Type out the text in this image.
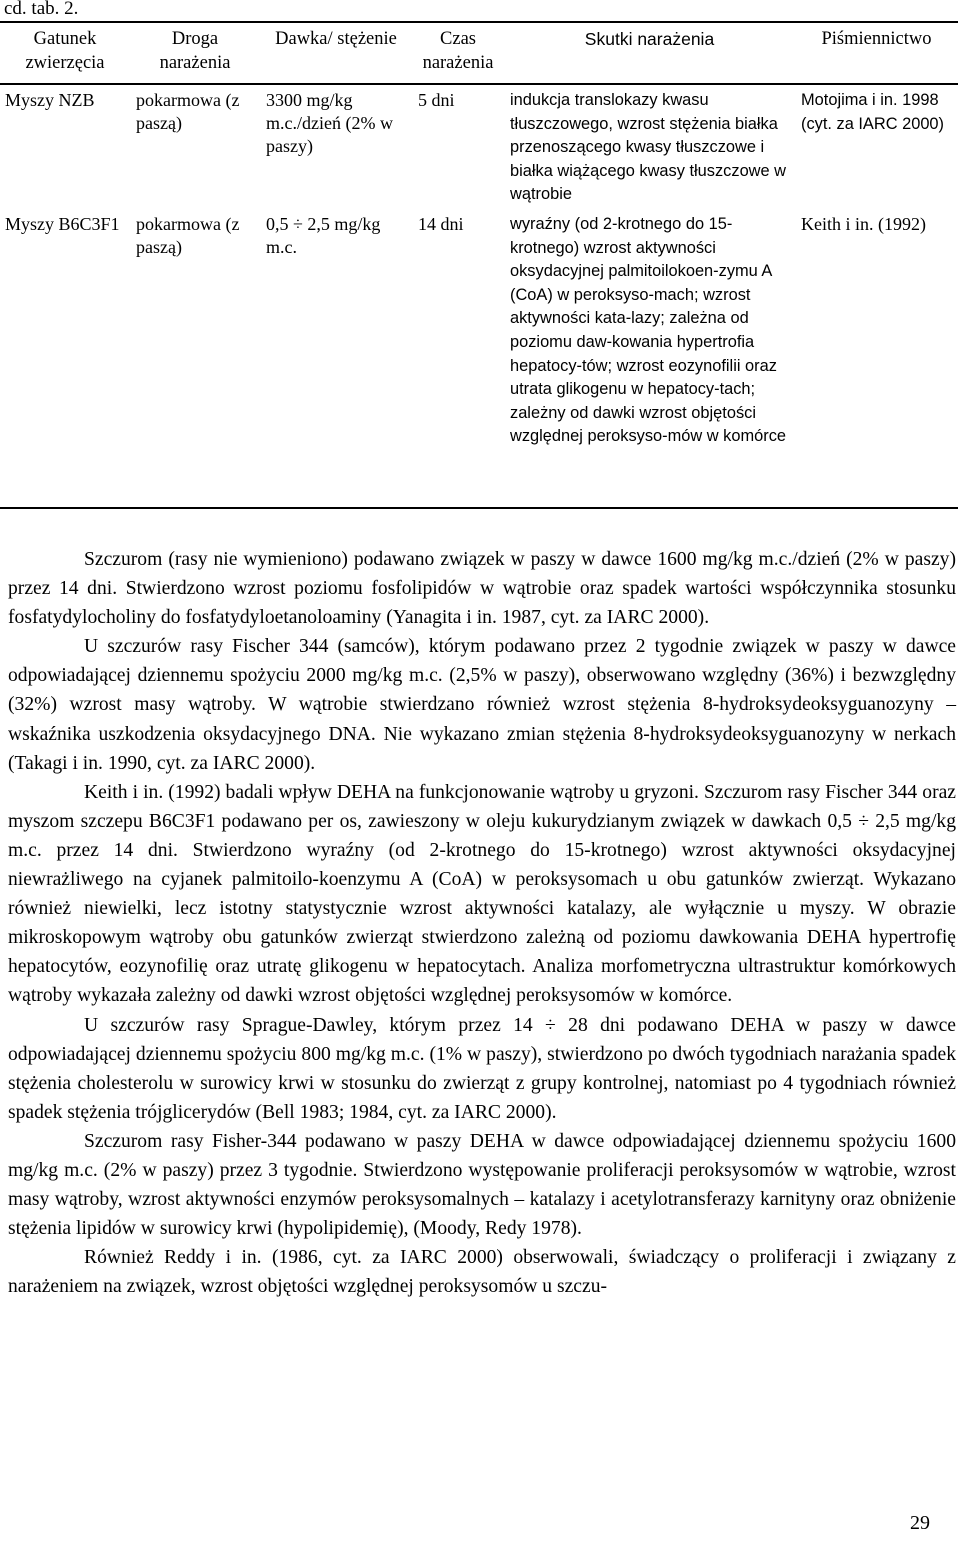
cd. tab. 2.
Gatunek zwierzęcia	Droga narażenia	Dawka/ stężenie	Czas narażenia	Skutki narażenia	Piśmiennictwo
Myszy NZB	pokarmowa (z paszą)	3300 mg/kg m.c./dzień (2% w paszy)	5 dni	indukcja translokazy kwasu tłuszczowego, wzrost stężenia białka przenoszącego kwasy tłuszczowe i białka wiążącego kwasy tłuszczowe w wątrobie	Motojima i in. 1998 (cyt. za IARC 2000)
Myszy B6C3F1	pokarmowa (z paszą)	0,5 ÷ 2,5 mg/kg m.c.	14 dni	wyraźny (od 2-krotnego do 15-krotnego) wzrost aktywności oksydacyjnej palmitoilokoen-zymu A (CoA) w peroksyso-mach; wzrost aktywności kata-lazy; zależna od poziomu daw-kowania hypertrofia hepatocy-tów; wzrost eozynofilii oraz utrata glikogenu w hepatocy-tach; zależny od dawki wzrost objętości względnej peroksyso-mów w komórce	Keith i in. (1992)

Szczurom (rasy nie wymieniono) podawano związek w paszy w dawce 1600 mg/kg m.c./dzień (2% w paszy) przez 14 dni. Stwierdzono wzrost poziomu fosfolipidów w wątrobie oraz spadek wartości współczynnika stosunku fosfatydylocholiny do fosfatydyloetanoloaminy (Yanagita i in. 1987, cyt. za IARC 2000).

U szczurów rasy Fischer 344 (samców), którym podawano przez 2 tygodnie związek w paszy w dawce odpowiadającej dziennemu spożyciu 2000 mg/kg m.c. (2,5% w paszy), obserwowano względny (36%) i bezwzględny (32%) wzrost masy wątroby. W wątrobie stwierdzano również wzrost stężenia 8-hydroksydeoksyguanozyny – wskaźnika uszkodzenia oksydacyjnego DNA. Nie wykazano zmian stężenia 8-hydroksydeoksyguanozyny w nerkach (Takagi i in. 1990, cyt. za IARC 2000).

Keith i in. (1992) badali wpływ DEHA na funkcjonowanie wątroby u gryzoni. Szczurom rasy Fischer 344 oraz myszom szczepu B6C3F1 podawano per os, zawieszony w oleju kukurydzianym związek w dawkach 0,5 ÷ 2,5 mg/kg m.c. przez 14 dni. Stwierdzono wyraźny (od 2-krotnego do 15-krotnego) wzrost aktywności oksydacyjnej niewrażliwego na cyjanek palmitoilo-koenzymu A (CoA) w peroksysomach u obu gatunków zwierząt. Wykazano również niewielki, lecz istotny statystycznie wzrost aktywności katalazy, ale wyłącznie u myszy. W obrazie mikroskopowym wątroby obu gatunków zwierząt stwierdzono zależną od poziomu dawkowania DEHA hypertrofię hepatocytów, eozynofilię oraz utratę glikogenu w hepatocytach. Analiza morfometryczna ultrastruktur komórkowych wątroby wykazała zależny od dawki wzrost objętości względnej peroksysomów w komórce.

U szczurów rasy Sprague-Dawley, którym przez 14 ÷ 28 dni podawano DEHA w paszy w dawce odpowiadającej dziennemu spożyciu 800 mg/kg m.c. (1% w paszy), stwierdzono po dwóch tygodniach narażania spadek stężenia cholesterolu w surowicy krwi w stosunku do zwierząt z grupy kontrolnej, natomiast po 4 tygodniach również spadek stężenia trójglicerydów (Bell 1983; 1984, cyt. za IARC 2000).

Szczurom rasy Fisher-344 podawano w paszy DEHA w dawce odpowiadającej dziennemu spożyciu 1600 mg/kg m.c. (2% w paszy) przez 3 tygodnie. Stwierdzono występowanie proliferacji peroksysomów w wątrobie, wzrost masy wątroby, wzrost aktywności enzymów peroksysomalnych – katalazy i acetylotransferazy karnityny oraz obniżenie stężenia lipidów w surowicy krwi (hypolipidemię), (Moody, Redy 1978).

Również Reddy i in. (1986, cyt. za IARC 2000) obserwowali, świadczący o proliferacji i związany z narażeniem na związek, wzrost objętości względnej peroksysomów u szczu-

29
